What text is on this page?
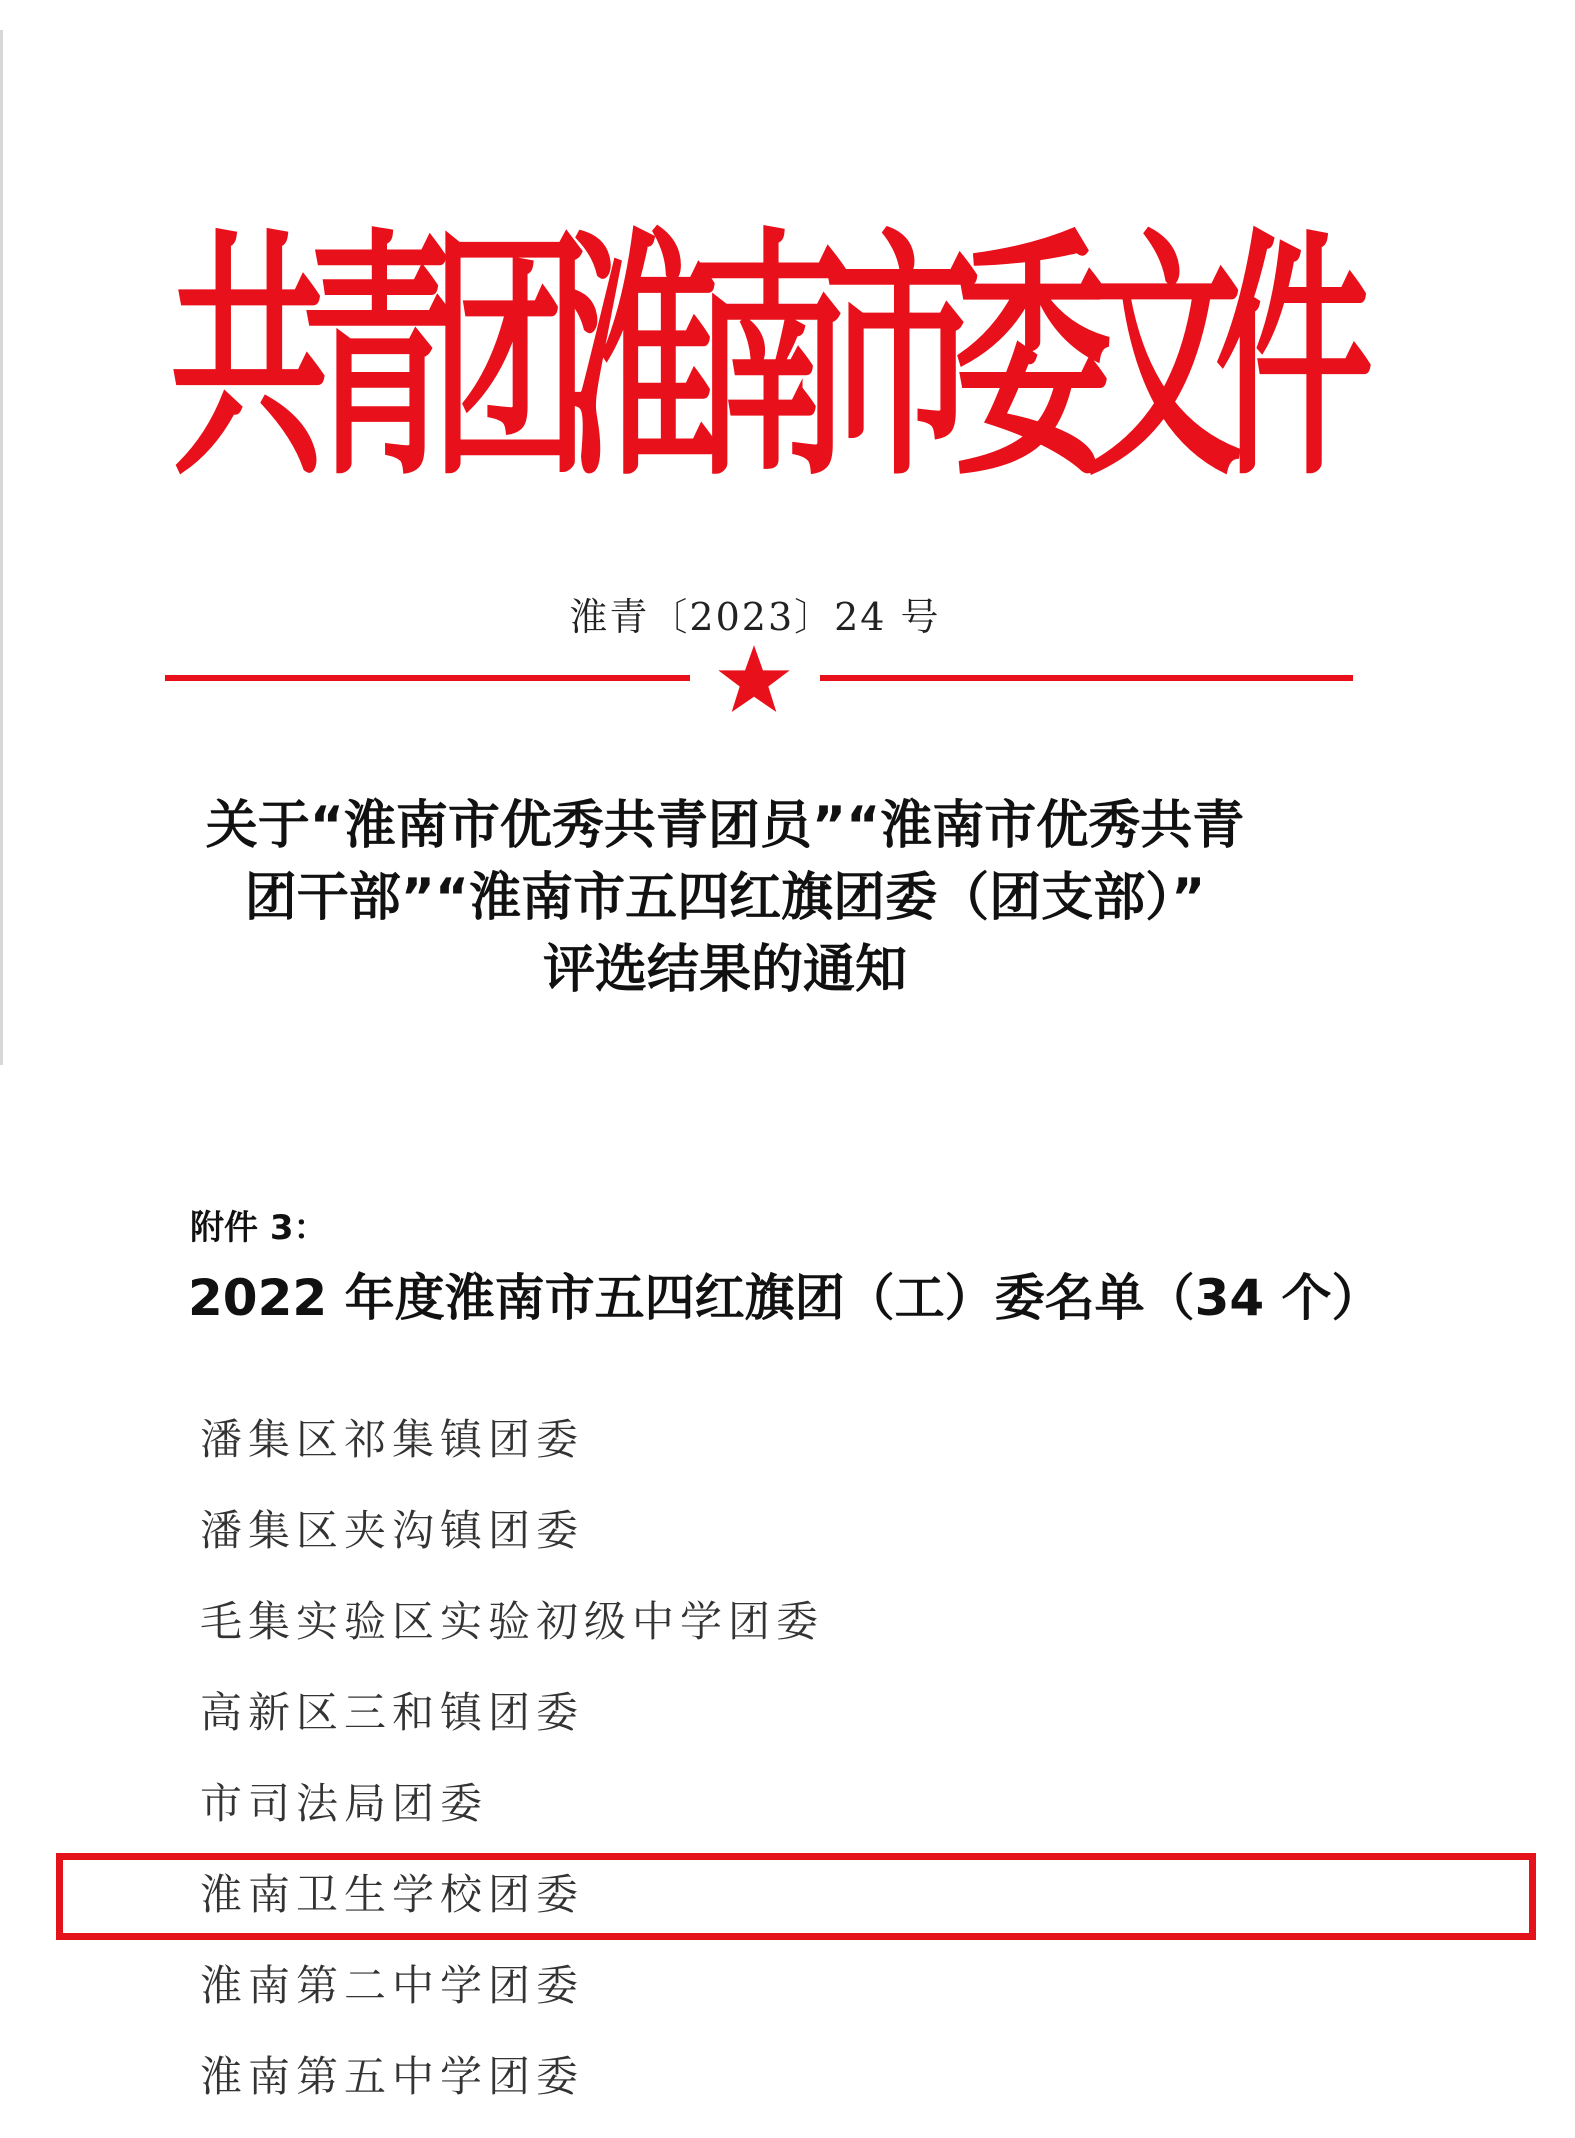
共
青
团
淮
南
市
委
文
件
淮青〔2023〕24 号
关于“淮南市优秀共青团员”“淮南市优秀共青
团干部”“淮南市五四红旗团委（团支部）”
评选结果的通知
附件 3：
2022 年度淮南市五四红旗团（工）委名单（34 个）
潘集区祁集镇团委
潘集区夹沟镇团委
毛集实验区实验初级中学团委
高新区三和镇团委
市司法局团委
淮南卫生学校团委
淮南第二中学团委
淮南第五中学团委
